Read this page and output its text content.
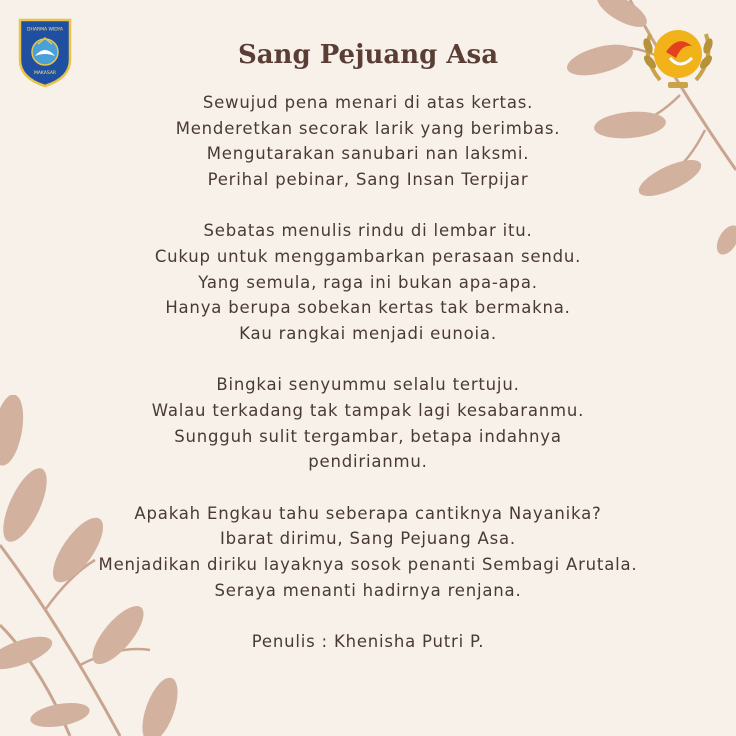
DHARMA WIDYA
MAKASAR
Sang Pejuang Asa
Sewujud pena menari di atas kertas.
Menderetkan secorak larik yang berimbas.
Mengutarakan sanubari nan laksmi.
Perihal pebinar, Sang Insan Terpijar
Sebatas menulis rindu di lembar itu.
Cukup untuk menggambarkan perasaan sendu.
Yang semula, raga ini bukan apa-apa.
Hanya berupa sobekan kertas tak bermakna.
Kau rangkai menjadi eunoia.
Bingkai senyummu selalu tertuju.
Walau terkadang tak tampak lagi kesabaranmu.
Sungguh sulit tergambar, betapa indahnya pendirianmu.
Apakah Engkau tahu seberapa cantiknya Nayanika?
Ibarat dirimu, Sang Pejuang Asa.
Menjadikan diriku layaknya sosok penanti Sembagi Arutala.
Seraya menanti hadirnya renjana.
Penulis : Khenisha Putri P.
